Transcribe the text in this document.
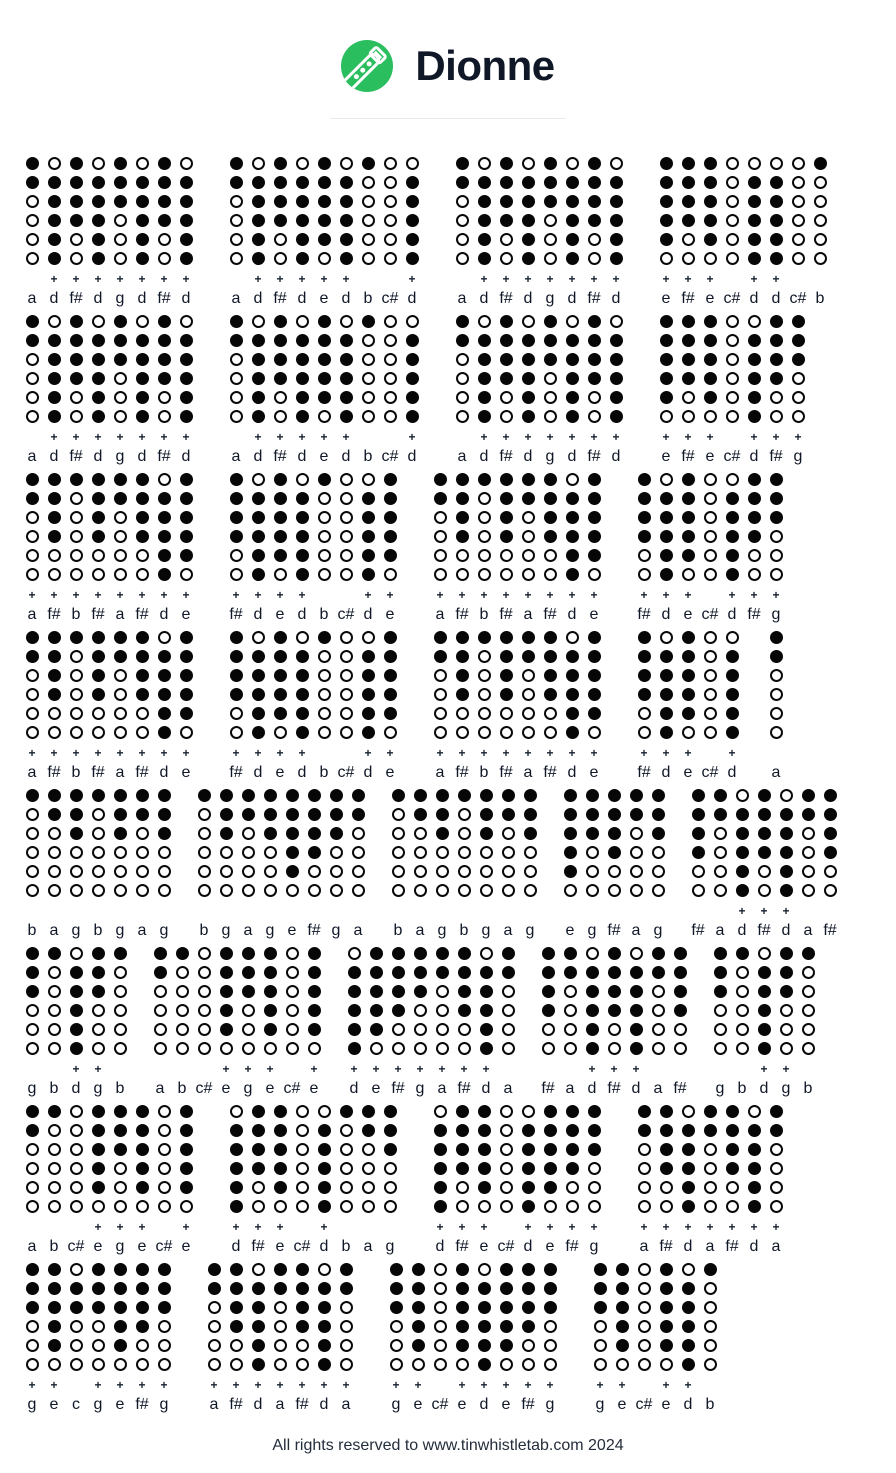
Dionne
a
+
d
+
f#
+
d
+
g
+
d
+
f#
+
d	a
+
d
+
f#
+
d
+
e
+
d b c#
+
d	a
+
d
+
f#
+
d
+
g
+
d
+
f#
+
d
+
e
+
f#
+
e c#
+
d
+
d c# b
a
+
d
+
f#
+
d
+
g
+
d
+
f#
+
d	a
+
d
+
f#
+
d
+
e
+
d b c#
+
d	a
+
d
+
f#
+
d
+
g
+
d
+
f#
+
d
+
e
+
f#
+
e c#
+
d
+
f#
+
g
+
a
+
f#
+
b
+
f#
+
a
+
f#
+
d
+
e
+
f#
+
d
+
e
+
d b c#
+
d
+
e
+
a
+
f#
+
b
+
f#
+
a
+
f#
+
d
+
e
+
f#
+
d
+
e c#
+
d
+
f#
+
g
+
a
+
f#
+
b
+
f#
+
a
+
f#
+
d
+
e
+
f#
+
d
+
e
+
d b c#
+
d
+
e
+
a
+
f#
+
b
+
f#
+
a
+
f#
+
d
+
e
+
f#
+
d
+
e c#
+
d a
b a g b g a g b g a g e f# g a b a g b g a g e g f# a g f# a
+
d
+
f#
+
d a f#
g b
+
d
+
g b a b c#
+
e
+
g
+
e c#
+
e
+
d
+
e
+
f#
+
g
+
a
+
f#
+
d a f# a
+
d
+
f#
+
d a f# g b
+
d
+
g b
a b c#
+
e
+
g
+
e c#
+
e
+
d
+
f#
+
e c#
+
d b a g
+
d
+
f#
+
e c#
+
d
+
e
+
f#
+
g
+
a
+
f#
+
d
+
a
+
f#
+
d
+
a
+
g
+
e c
+
g
+
e
+
f#
+
g
+
a
+
f#
+
d
+
a
+
f#
+
d
+
a
+
g
+
e c#
+
e
+
d
+
e
+
f#
+
g
+
g
+
e c#
+
e
+
d b

All rights reserved to www.tinwhistletab.com 2024
